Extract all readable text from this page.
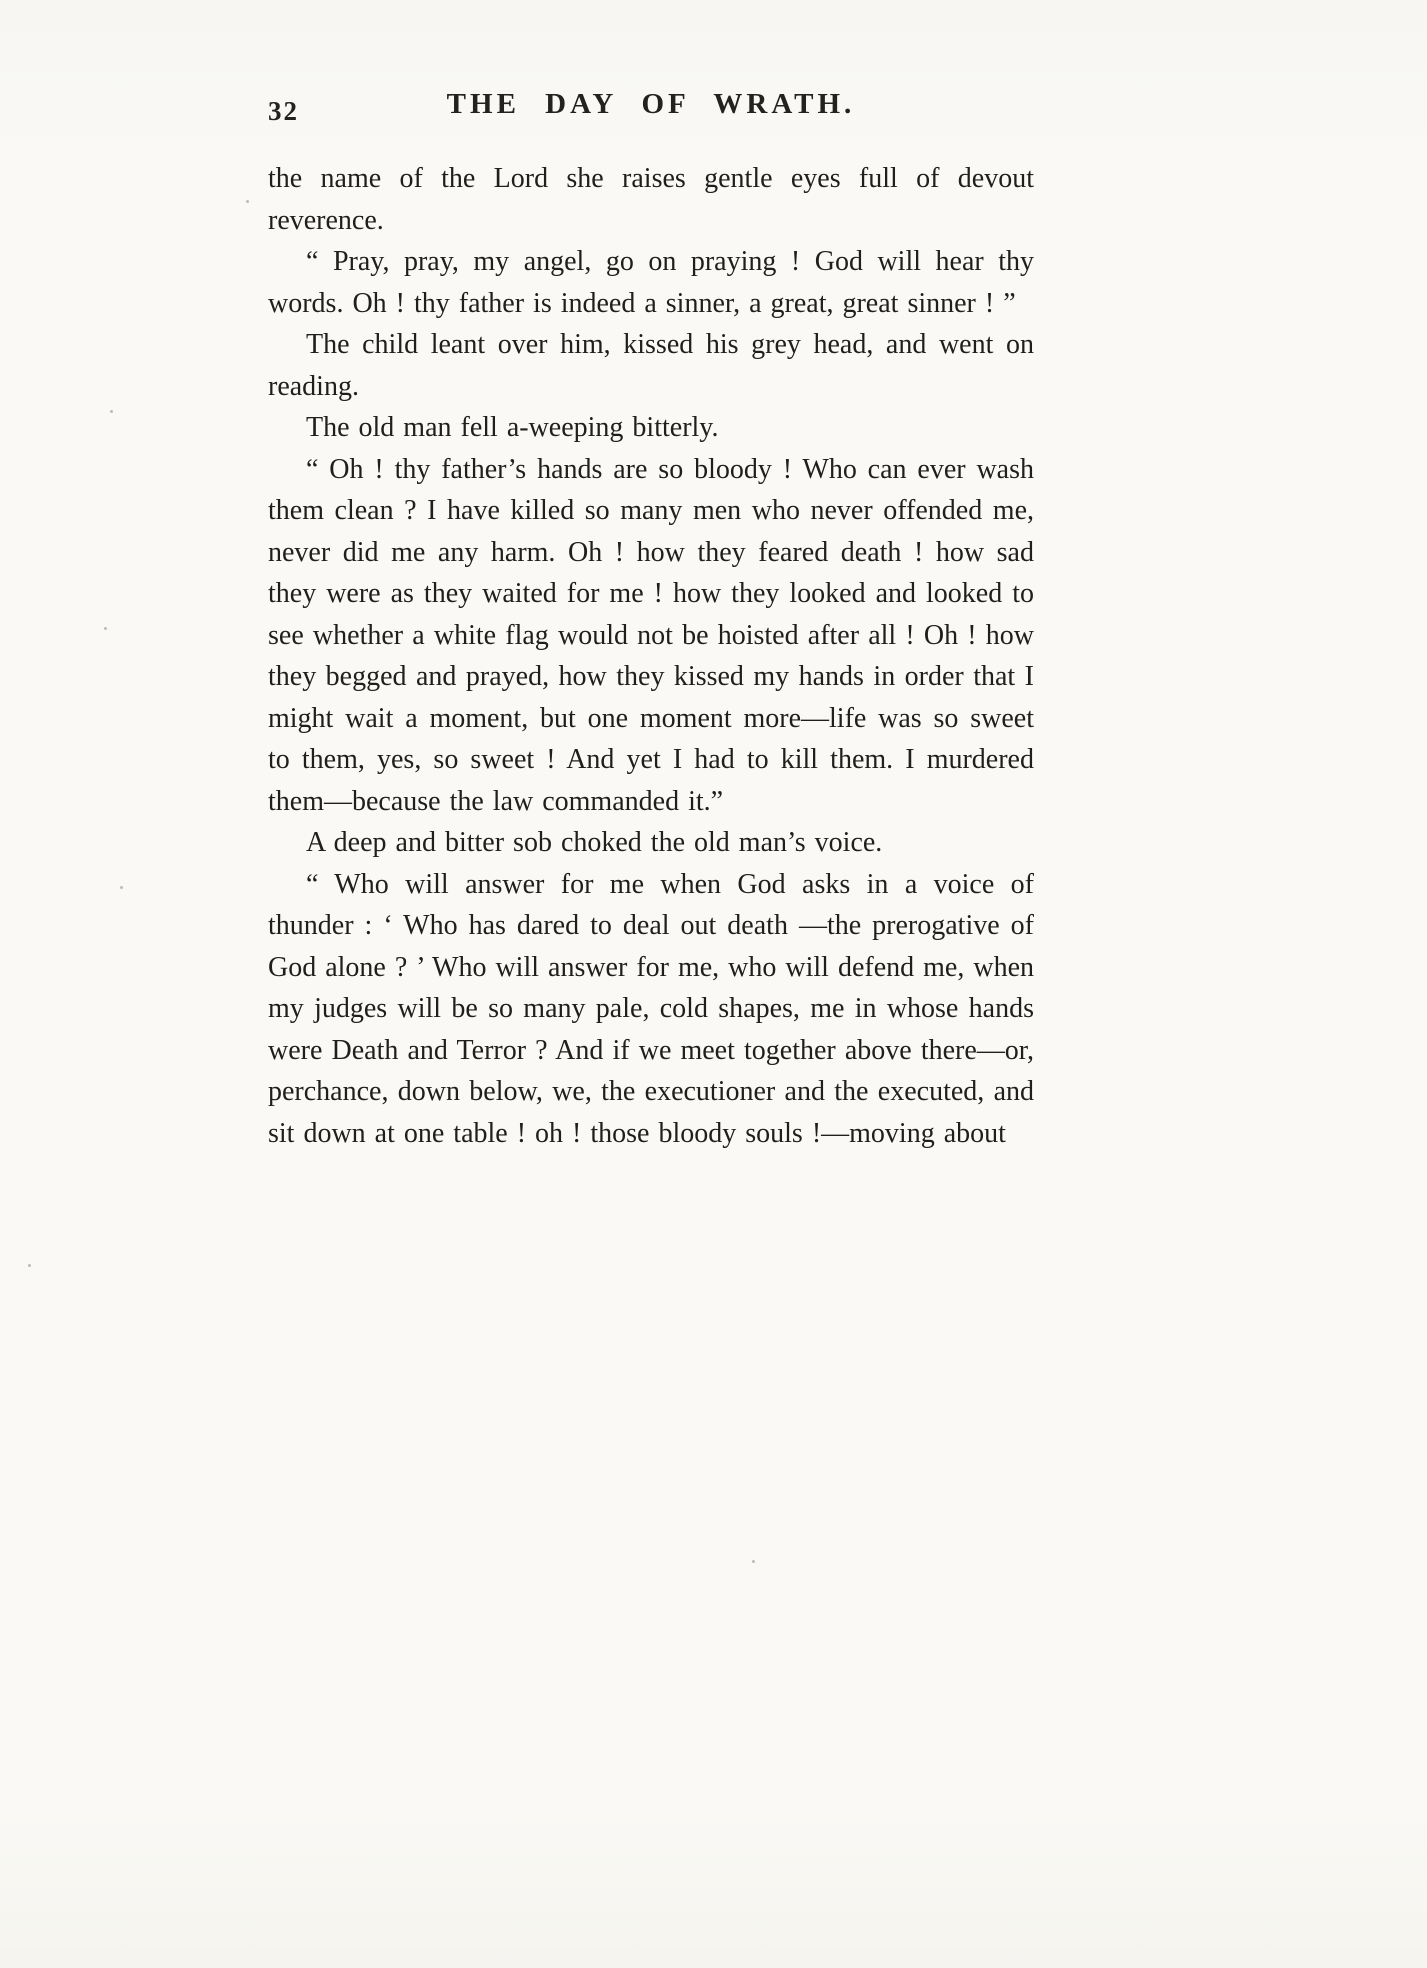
32	THE DAY OF WRATH.

the name of the Lord she raises gentle eyes full of devout reverence.

“ Pray, pray, my angel, go on praying ! God will hear thy words. Oh ! thy father is indeed a sinner, a great, great sinner ! ”

The child leant over him, kissed his grey head, and went on reading.

The old man fell a-weeping bitterly.

“ Oh ! thy father’s hands are so bloody ! Who can ever wash them clean ? I have killed so many men who never offended me, never did me any harm. Oh ! how they feared death ! how sad they were as they waited for me ! how they looked and looked to see whether a white flag would not be hoisted after all ! Oh ! how they begged and prayed, how they kissed my hands in order that I might wait a moment, but one moment more—life was so sweet to them, yes, so sweet ! And yet I had to kill them. I murdered them—because the law commanded it.”

A deep and bitter sob choked the old man’s voice.

“ Who will answer for me when God asks in a voice of thunder : ‘ Who has dared to deal out death —the prerogative of God alone ? ’ Who will answer for me, who will defend me, when my judges will be so many pale, cold shapes, me in whose hands were Death and Terror ? And if we meet together above there—or, perchance, down below, we, the executioner and the executed, and sit down at one table ! oh ! those bloody souls !—moving about
